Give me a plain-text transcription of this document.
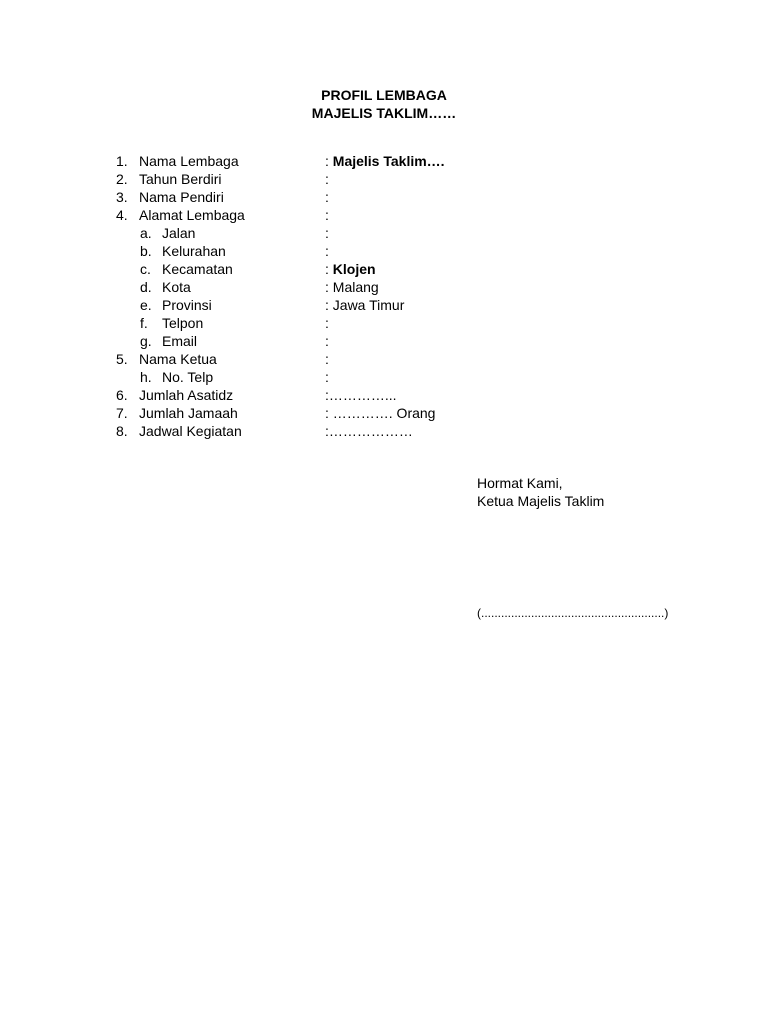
PROFIL LEMBAGA
MAJELIS TAKLIM……
1. Nama Lembaga	: Majelis Taklim….
2. Tahun Berdiri	:
3. Nama Pendiri	:
4. Alamat Lembaga	:
a. Jalan	:
b. Kelurahan	:
c. Kecamatan	: Klojen
d. Kota	: Malang
e. Provinsi	: Jawa Timur
f.	Telpon	:
g. Email	:
5. Nama Ketua	:
h. No. Telp	:
6. Jumlah Asatidz	:…………...
7. Jumlah Jamaah	: …………. Orang
8. Jadwal Kegiatan	:………………
Hormat Kami,
Ketua Majelis Taklim
(.......................................................)
